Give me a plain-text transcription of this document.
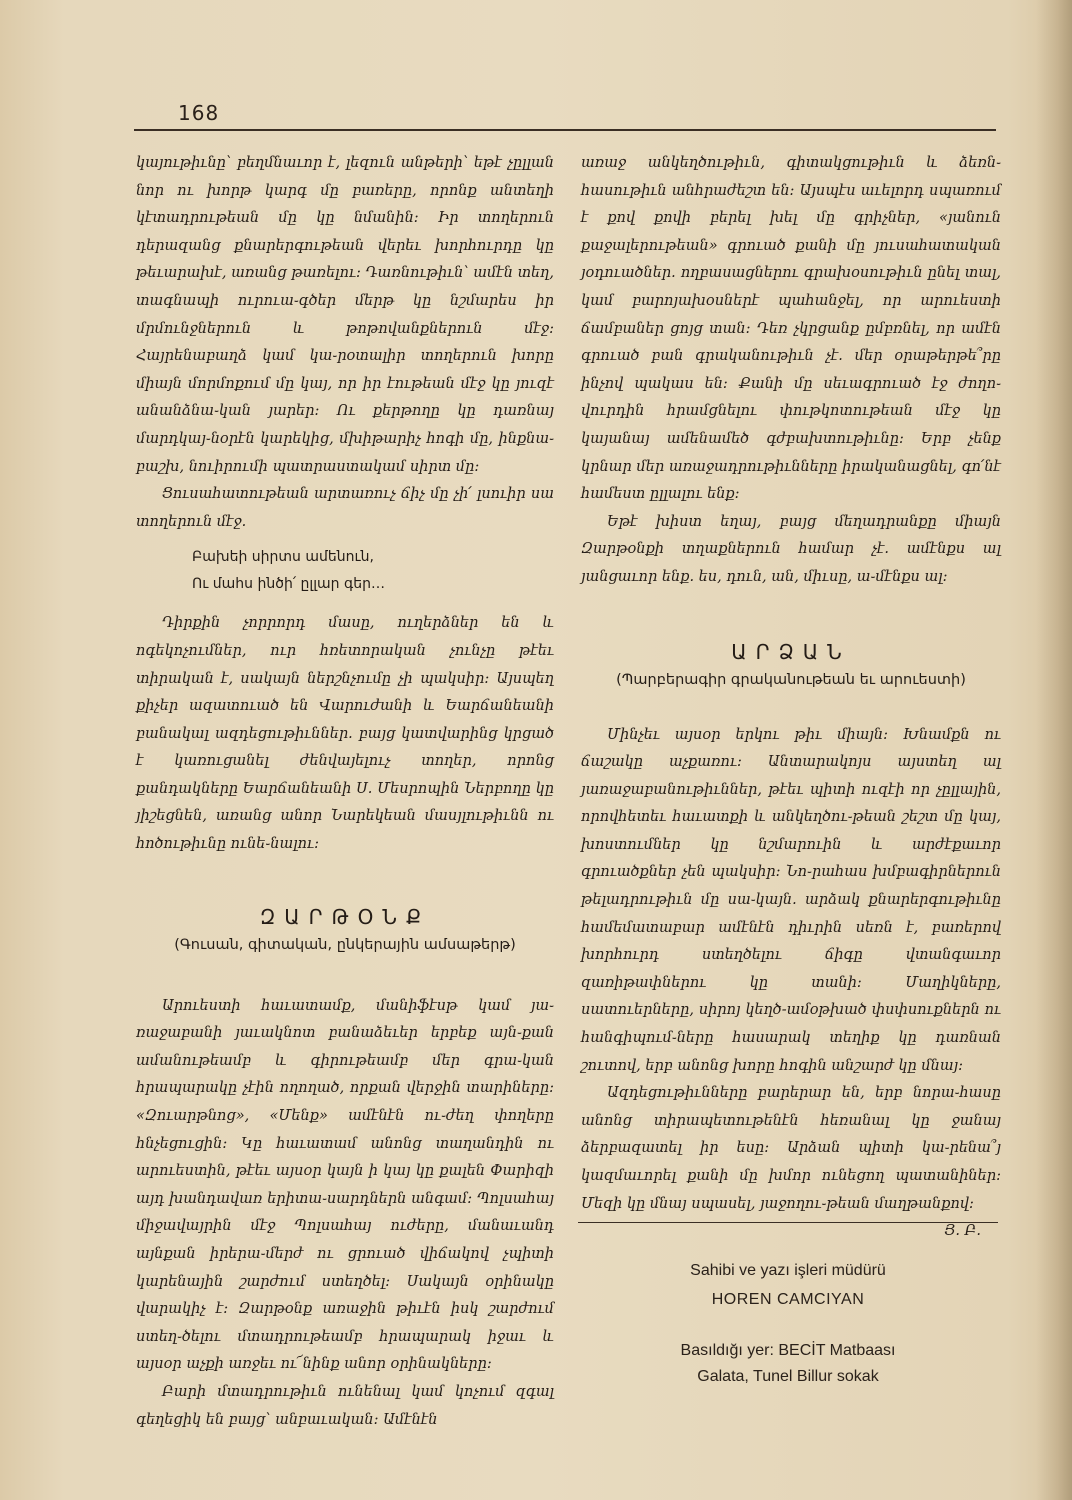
168

կայութիւնը՝ բեղմնաւոր է, լեզուն անթերի՝ եթէ չըլլան նոր ու խորթ կարգ մը բառերը, որոնք անտեղի կէտադրութեան մը կը նմանին։ Իր տողերուն դերազանց քնարերգութեան վերեւ խորհուրդը կը թեւարախէ, առանց թառելու։ Դառնութիւն՝ ամէն տեղ, տագնապի ուրուա֊գծեր մերթ կը նշմարես իր մրմունջներուն և թոթովանքներուն մէջ։ Հայրենաբաղձ կամ կա֊րօտալիր տողերուն խորը միայն մորմոքում մը կայ, որ իր էութեան մէջ կը յուզէ անանձնա֊կան յարեր։ Ու քերթողը կը դառնայ մարդկայ֊նօրէն կարեկից, մխիթարիչ հոգի մը, ինքնա֊բաշխ, նուիրումի պատրաստակամ սիրտ մը։

Ցուսահատութեան արտառուչ ճիչ մը չի՛ լսուիր սա տողերուն մէջ.

Բախեի սիրտս ամենուն,
Ու մահս ինծի՛ ըլլար գեր…

Դիրքին չորրորդ մասը, ուղերձներ են և ոգեկոչումներ, ուր հռետորական չունչը թէեւ տիրական է, սակայն ներշնչումը չի պակսիր։ Այսպեղ քիչեր ազատուած են Վարուժանի և Եարճանեանի բանակալ ազդեցութիւններ. բայց կատվարինց կրցած է կառուցանել ժենվայելուչ տողեր, որոնց քանդակները Եարճանեանի Ս. Մեսրոպին Ներբողը կը յիշեցնեն, առանց անոր Նարեկեան մասյլութիւնն ու հոծութիւնը ունե֊նալու։

ԶԱՐԹՕՆՔ

(Գուսան, գիտական, ընկերային ամսաթերթ)

Արուեստի հաւատամք, մանիֆէսթ կամ յա֊ռաջաբանի յաւակնոտ բանաձեւեր երբեք այն֊քան ամանութեամբ և գիրութեամբ մեր գրա֊կան հրապարակը չէին ողողած, որքան վերջին տարիները։ «Զուարթնոց», «Մենք» ամէնէն ու֊ժեղ փողերը հնչեցուցին։ Կը հաւատամ անոնց տաղանդին ու արուեստին, թէեւ այսօր կայն ի կայ կը քալեն Փարիզի այդ խանդավառ երիտա֊սարդներն անգամ։ Պոլսահայ միջավայրին մէջ Պոլսահայ ուժերը, մանաւանդ այնքան իրերա֊մերժ ու ցրուած վիճակով չպիտի կարենային շարժում ստեղծել։ Սակայն օրինակը վարակիչ է։ Զարթօնք առաջին թիւէն իսկ շարժում ստեղ֊ծելու մտադրութեամբ հրապարակ իջաւ և այսօր աչքի առջեւ ու՜նինք անոր օրինակները։

Բարի մտադրութիւն ունենալ կամ կոչում զգալ գեղեցիկ են բայց՝ անբաւական։ Ամէնէն

առաջ անկեղծութիւն, գիտակցութիւն և ձեռն֊հասութիւն անհրաժեշտ են։ Այսպէս աւելորդ սպառում է քով քովի բերել խել մը գրիչներ, «յանուն քաջալերութեան» գրուած քանի մը յուսահատական յօդուածներ. ողբասացներու գրախօսութիւն ընել տալ, կամ բարոյախօսներէ պահանջել, որ արուեստի ճամբաներ ցոյց տան։ Դեռ չկրցանք ըմբռնել, որ ամէն գրուած բան գրականութիւն չէ. մեր օրաթերթե՞րը ինչով պակաս են։ Քանի մը սեւագրուած էջ ժողո֊վուրդին հրամցնելու փութկոտութեան մէջ կը կայանայ ամենամեծ գժբախտութիւնը։ Երբ չենք կրնար մեր առաջադրութիւնները իրականացնել, գո՛նէ համեստ ըլլալու ենք։

Եթէ խիստ եղայ, բայց մեղադրանքը միայն Զարթօնքի տղաքներուն համար չէ. ամէնքս ալ յանցաւոր ենք. ես, դուն, ան, միւսը, ա֊մէնքս ալ։

ԱՐՁԱՆ

(Պարբերագիր գրականութեան եւ արուեստի)

Մինչեւ այսօր երկու թիւ միայն։ Խնամքն ու ճաշակը աչքառու։ Անտարակոյս այստեղ ալ յառաջաբանութիւններ, թէեւ պիտի ուզէի որ չըլլային, որովհետեւ հաւատքի և անկեղծու֊թեան շեշտ մը կայ, խոստումներ կը նշմարուին և արժէքաւոր գրուածքներ չեն պակսիր։ Նո֊րահաս խմբագիրներուն թելադրութիւն մը սա֊կայն. արձակ քնարերգութիւնը համեմատաբար ամէնէն դիւրին սեռն է, բառերով խորհուրդ ստեղծելու ճիգը վտանգաւոր զառիթափներու կը տանի։ Մաղիկները, սատուերները, սիրոյ կեղծ-ամօթխած փսփսուքներն ու հանգիպում֊ները հասարակ տեղիք կը դառնան շուտով, երբ անոնց խորը հոգին անշարժ կը մնայ։

Ազդեցութիւնները բարերար են, երբ նորա֊հասը անոնց տիրապետութենէն հեռանալ կը ջանայ ձերբազատել իր եսը։ Արձան պիտի կա֊րենա՞յ կազմաւորել քանի մը խմոր ունեցող պատանիներ։ Մեզի կը մնայ սպասել, յաջողու֊թեան մաղթանքով։

Յ. Բ.
Sahibi ve yazı işleri müdürü
HOREN CAMCIYAN
Basıldığı yer: BECİT Matbaası
Galata, Tunel Billur sokak
